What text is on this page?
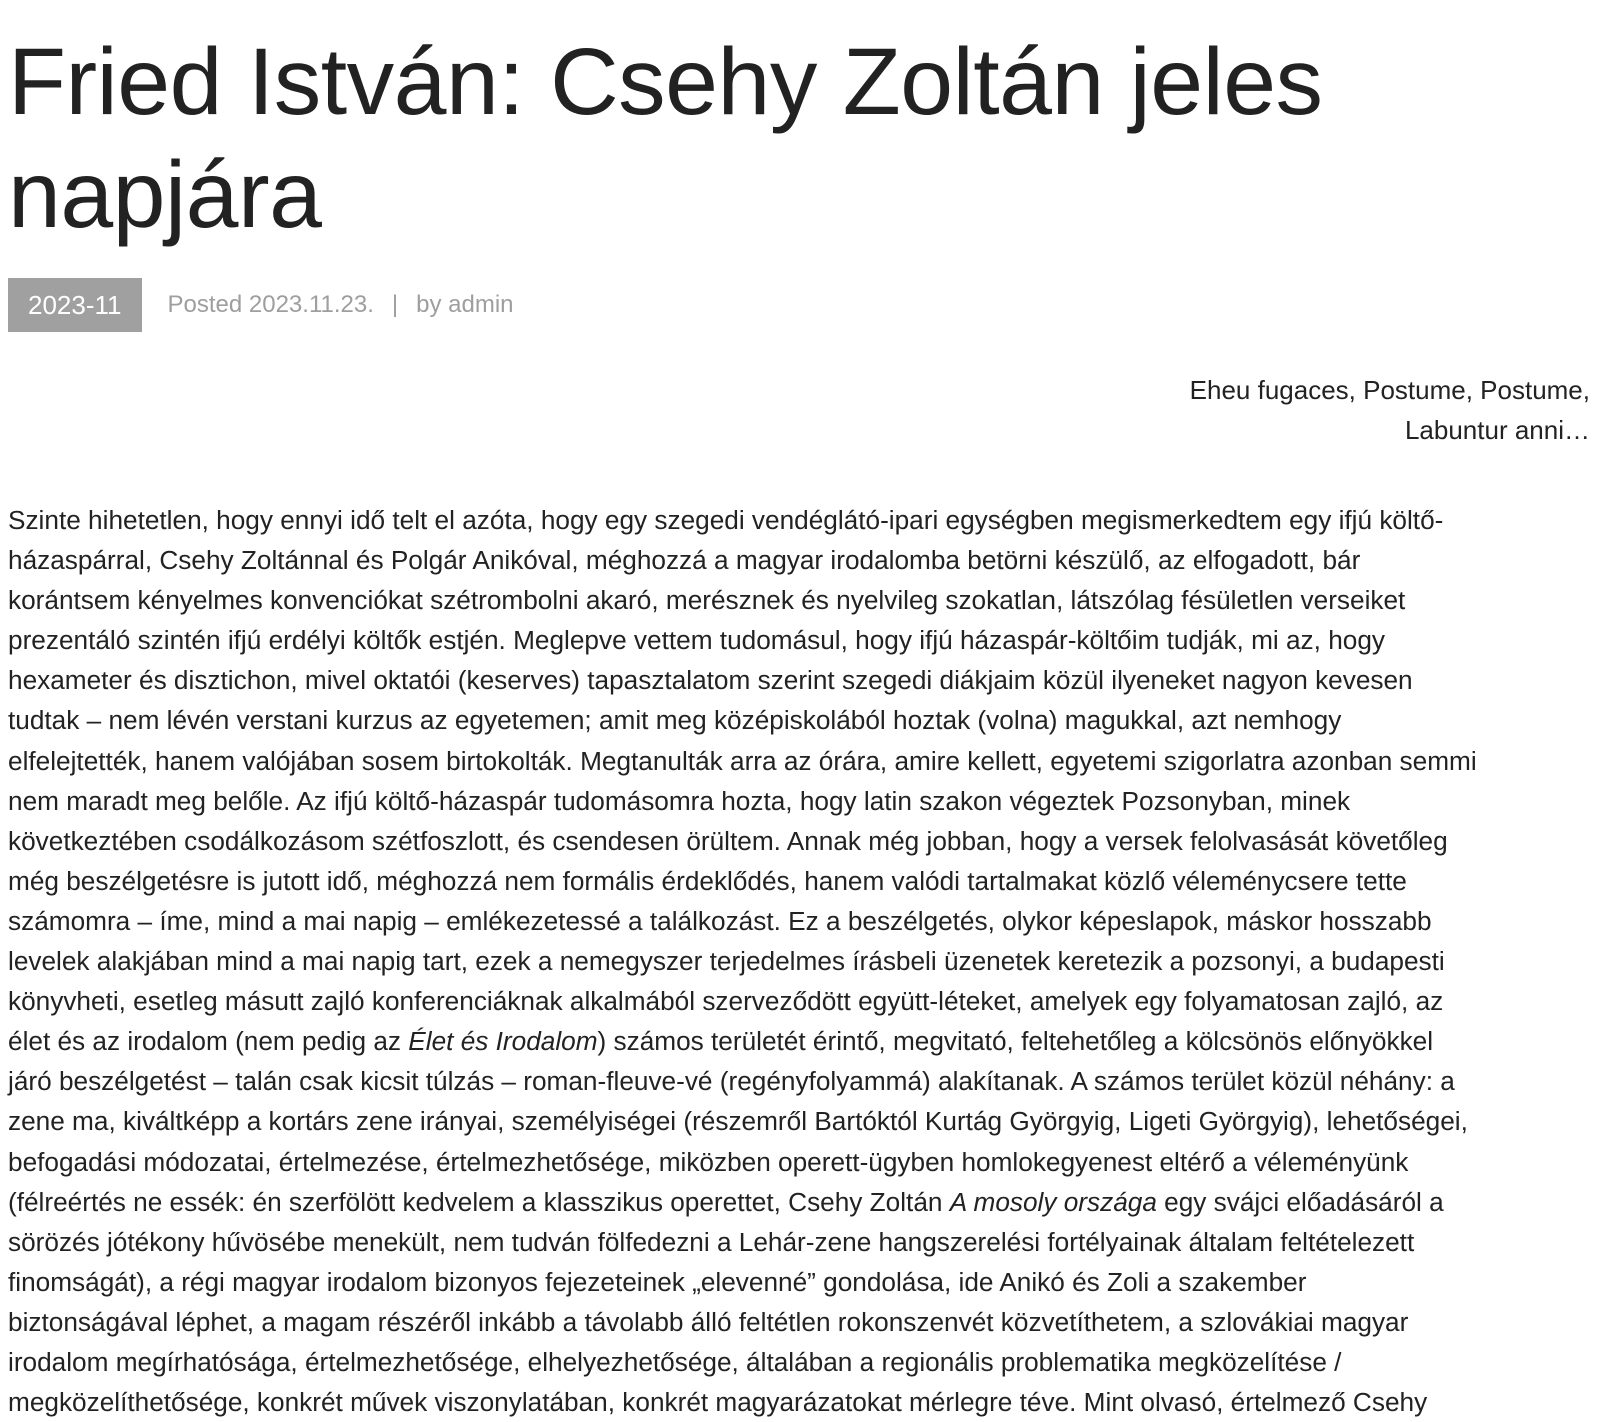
Fried István: Csehy Zoltán jeles napjára
2023-11	Posted 2023.11.23. | by admin
Eheu fugaces, Postume, Postume,
Labuntur anni…
Szinte hihetetlen, hogy ennyi idő telt el azóta, hogy egy szegedi vendéglátó-ipari egységben megismerkedtem egy ifjú költő-
házaspárral, Csehy Zoltánnal és Polgár Anikóval, méghozzá a magyar irodalomba betörni készülő, az elfogadott, bár
korántsem kényelmes konvenciókat szétrombolni akaró, merésznek és nyelvileg szokatlan, látszólag fésületlen verseiket
prezentáló szintén ifjú erdélyi költők estjén. Meglepve vettem tudomásul, hogy ifjú házaspár-költőim tudják, mi az, hogy
hexameter és disztichon, mivel oktatói (keserves) tapasztalatom szerint szegedi diákjaim közül ilyeneket nagyon kevesen
tudtak – nem lévén verstani kurzus az egyetemen; amit meg középiskolából hoztak (volna) magukkal, azt nemhogy
elfelejtették, hanem valójában sosem birtokolták. Megtanulták arra az órára, amire kellett, egyetemi szigorlatra azonban semmi
nem maradt meg belőle. Az ifjú költő-házaspár tudomásomra hozta, hogy latin szakon végeztek Pozsonyban, minek
következtében csodálkozásom szétfoszlott, és csendesen örültem. Annak még jobban, hogy a versek felolvasását követőleg
még beszélgetésre is jutott idő, méghozzá nem formális érdeklődés, hanem valódi tartalmakat közlő véleménycsere tette
számomra – íme, mind a mai napig – emlékezetessé a találkozást. Ez a beszélgetés, olykor képeslapok, máskor hosszabb
levelek alakjában mind a mai napig tart, ezek a nemegyszer terjedelmes írásbeli üzenetek keretezik a pozsonyi, a budapesti
könyvheti, esetleg másutt zajló konferenciáknak alkalmából szerveződött együtt-léteket, amelyek egy folyamatosan zajló, az
élet és az irodalom (nem pedig az Élet és Irodalom) számos területét érintő, megvitató, feltehetőleg a kölcsönös előnyökkel
járó beszélgetést – talán csak kicsit túlzás – roman-fleuve-vé (regényfolyammá) alakítanak. A számos terület közül néhány: a
zene ma, kiváltképp a kortárs zene irányai, személyiségei (részemről Bartóktól Kurtág Györgyig, Ligeti Györgyig), lehetőségei,
befogadási módozatai, értelmezése, értelmezhetősége, miközben operett-ügyben homlokegyenest eltérő a véleményünk
(félreértés ne essék: én szerfölött kedvelem a klasszikus operettet, Csehy Zoltán A mosoly országa egy svájci előadásáról a
sörözés jótékony hűvösébe menekült, nem tudván fölfedezni a Lehár-zene hangszerelési fortélyainak általam feltételezett
finomságát), a régi magyar irodalom bizonyos fejezeteinek „elevenné” gondolása, ide Anikó és Zoli a szakember
biztonságával léphet, a magam részéről inkább a távolabb álló feltétlen rokonszenvét közvetíthetem, a szlovákiai magyar
irodalom megírhatósága, értelmezhetősége, elhelyezhetősége, általában a regionális problematika megközelítése /
megközelíthetősége, konkrét művek viszonylatában, konkrét magyarázatokat mérlegre téve. Mint olvasó, értelmező Csehy
